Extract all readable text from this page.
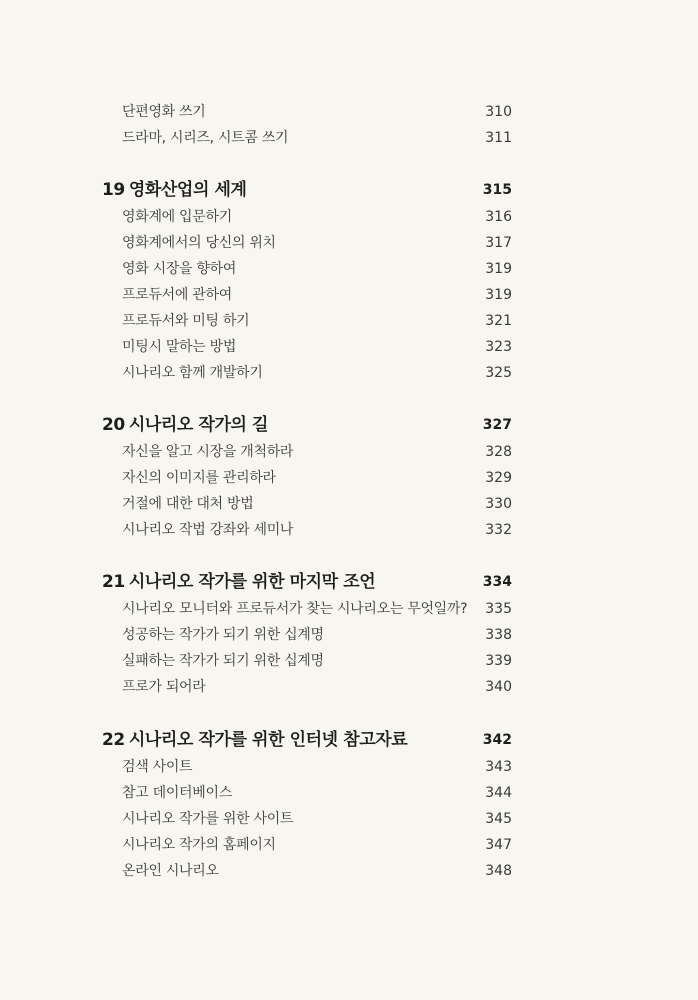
단편영화 쓰기	310
드라마, 시리즈, 시트콤 쓰기	311
19 영화산업의 세계	315
영화계에 입문하기	316
영화계에서의 당신의 위치	317
영화 시장을 향하여	319
프로듀서에 관하여	319
프로듀서와 미팅 하기	321
미팅시 말하는 방법	323
시나리오 함께 개발하기	325
20 시나리오 작가의 길	327
자신을 알고 시장을 개척하라	328
자신의 이미지를 관리하라	329
거절에 대한 대처 방법	330
시나리오 작법 강좌와 세미나	332
21 시나리오 작가를 위한 마지막 조언	334
시나리오 모니터와 프로듀서가 찾는 시나리오는 무엇일까? 335
성공하는 작가가 되기 위한 십계명	338
실패하는 작가가 되기 위한 십계명	339
프로가 되어라	340
22 시나리오 작가를 위한 인터넷 참고자료	342
검색 사이트	343
참고 데이터베이스	344
시나리오 작가를 위한 사이트	345
시나리오 작가의 홈페이지	347
온라인 시나리오	348
